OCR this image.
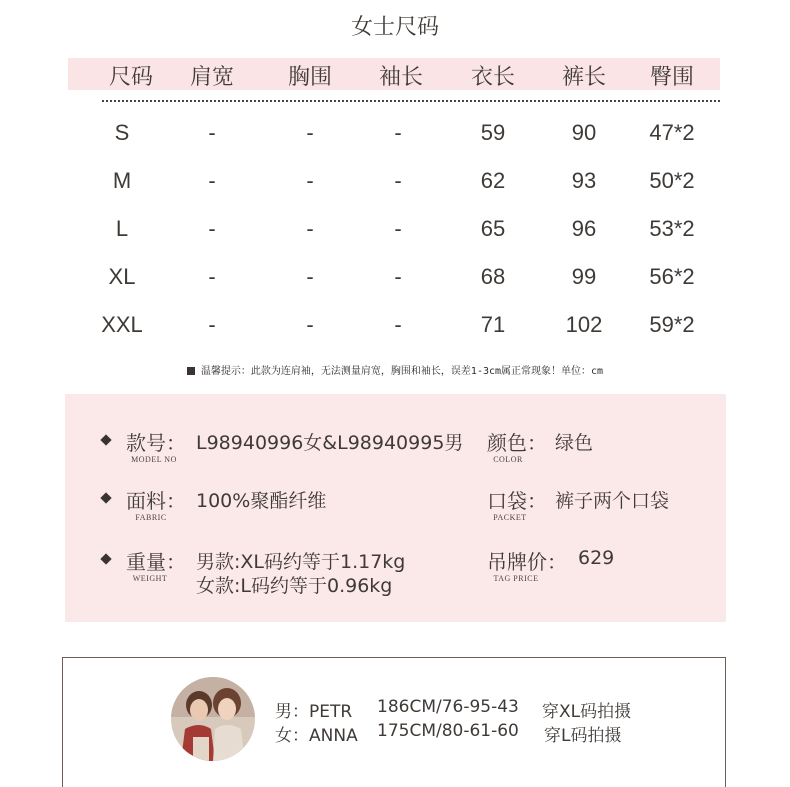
女士尺码
尺码 肩宽 胸围 袖长 衣长 裤长 臀围
S	-	-	-	59	90 47*2
M	-	-	-	62	93 50*2
L	-	-	-	65	96 53*2
XL	-	-	-	68	99 56*2
XXL	-	-	-	71	102 59*2
温馨提示：此款为连肩袖，无法测量肩宽，胸围和袖长，误差1-3cm属正常现象！单位：cm
款号：
MODEL NO
L98940996女&L98940995男 颜色：
COLOR
绿色
面料：
FABRIC
100%聚酯纤维	口袋：
PACKET
裤子两个口袋
重量：
WEIGHT
男款:XL码约等于1.17kg
女款:L码约等于0.96kg
吊牌价：
TAG PRICE
629
男：PETR 186CM/76-95-43 穿XL码拍摄
女：ANNA 175CM/80-61-60 穿L码拍摄
